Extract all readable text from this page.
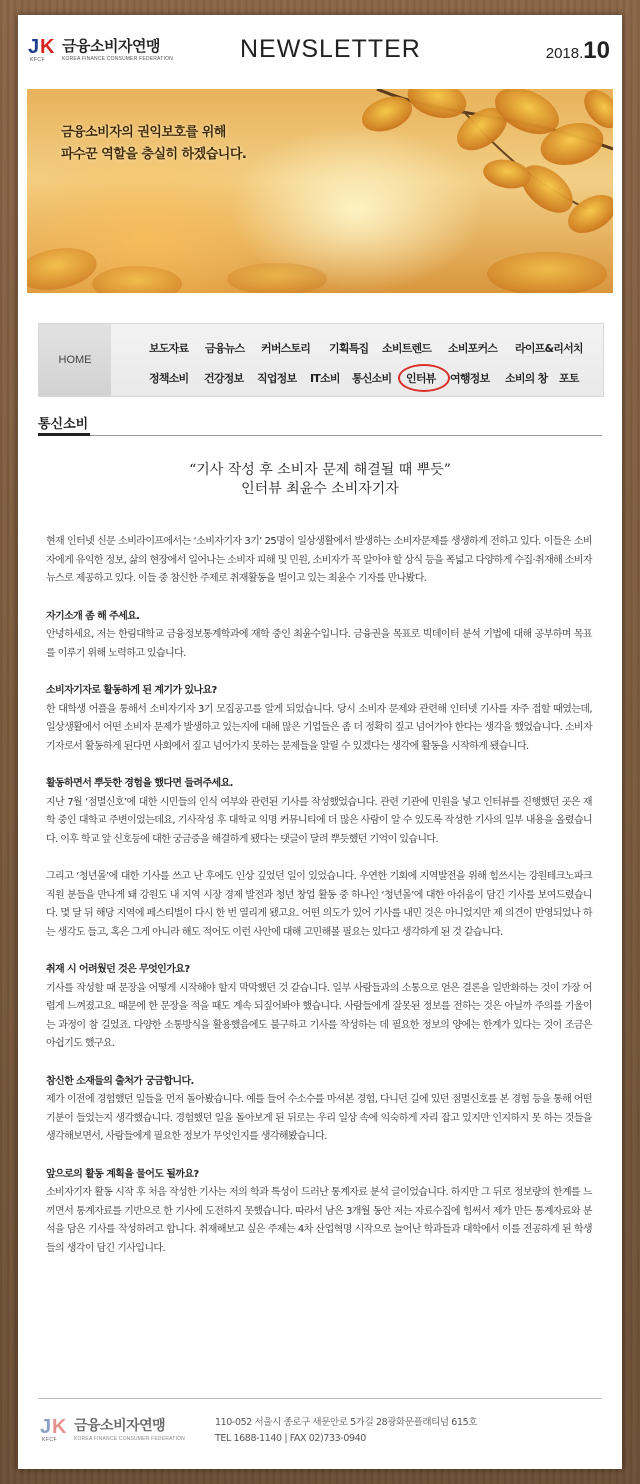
J K
KFCF
금융소비자연맹
KOREA FINANCE CONSUMER FEDERATION	NEWSLETTER	2018.10
금융소비자의 권익보호를 위해
파수꾼 역할을 충실히 하겠습니다.
HOME
보도자료 금융뉴스 커버스토리 기획특집 소비트렌드 소비포커스 라이프&리서치
정책소비 건강정보 직업정보 IT소비 통신소비 인터뷰 여행정보 소비의 창 포토
통신소비
“기사 작성 후 소비자 문제 해결될 때 뿌듯”
인터뷰 최윤수 소비자기자

현재 인터넷 신문 소비라이프에서는 ‘소비자기자 3기’ 25명이 일상생활에서 발생하는 소비자문제를 생생하게 전하고 있다. 이들은 소비자에게 유익한 정보, 삶의 현장에서 일어나는 소비자 피해 및 민원, 소비자가 꼭 알아야 할 상식 등을 폭넓고 다양하게 수집·취재해 소비자뉴스로 제공하고 있다. 이들 중 참신한 주제로 취재활동을 벌이고 있는 최윤수 기자를 만나봤다.

자기소개 좀 해 주세요.

안녕하세요, 저는 한림대학교 금융정보통계학과에 재학 중인 최윤수입니다. 금융권을 목표로 빅데이터 분석 기법에 대해 공부하며 목표를 이루기 위해 노력하고 있습니다.

소비자기자로 활동하게 된 계기가 있나요?

한 대학생 어플을 통해서 소비자기자 3기 모집공고를 알게 되었습니다. 당시 소비자 문제와 관련해 인터넷 기사를 자주 접할 때였는데, 일상생활에서 어떤 소비자 문제가 발생하고 있는지에 대해 많은 기업들은 좀 더 정확히 짚고 넘어가야 한다는 생각을 했었습니다. 소비자기자로서 활동하게 된다면 사회에서 짚고 넘어가지 못하는 문제들을 알릴 수 있겠다는 생각에 활동을 시작하게 됐습니다.

활동하면서 뿌듯한 경험을 했다면 들려주세요.

지난 7월 ‘점멸신호’에 대한 시민들의 인식 여부와 관련된 기사를 작성했었습니다. 관련 기관에 민원을 넣고 인터뷰를 진행했던 곳은 재학 중인 대학교 주변이었는데요, 기사작성 후 대학교 익명 커뮤니티에 더 많은 사람이 알 수 있도록 작성한 기사의 일부 내용을 올렸습니다. 이후 학교 앞 신호등에 대한 궁금증을 해결하게 됐다는 댓글이 달려 뿌듯했던 기억이 있습니다.

그리고 ‘청년몰’에 대한 기사를 쓰고 난 후에도 인상 깊었던 일이 있었습니다. 우연한 기회에 지역발전을 위해 힘쓰시는 강원테크노파크 직원 분들을 만나게 돼 강원도 내 지역 시장 경제 발전과 청년 창업 활동 중 하나인 ‘청년몰’에 대한 아쉬움이 담긴 기사를 보여드렸습니다. 몇 달 뒤 해당 지역에 페스티벌이 다시 한 번 열리게 됐고요. 어떤 의도가 있어 기사를 내민 것은 아니었지만 제 의견이 반영되었나 하는 생각도 들고, 혹은 그게 아니라 해도 적어도 이런 사안에 대해 고민해볼 필요는 있다고 생각하게 된 것 같습니다.

취재 시 어려웠던 것은 무엇인가요?

기사를 작성할 때 문장을 어떻게 시작해야 할지 막막했던 것 같습니다. 일부 사람들과의 소통으로 얻은 결론을 일반화하는 것이 가장 어렵게 느껴졌고요. 때문에 한 문장을 적을 때도 계속 되짚어봐야 했습니다. 사람들에게 잘못된 정보를 전하는 것은 아닐까 주의를 기울이는 과정이 참 길었죠. 다양한 소통방식을 활용했음에도 불구하고 기사를 작성하는 데 필요한 정보의 양에는 한계가 있다는 것이 조금은 아쉽기도 했구요.

참신한 소재들의 출처가 궁금합니다.

제가 이전에 경험했던 일들을 먼저 돌아봤습니다. 예를 들어 수소수를 마셔본 경험, 다니던 길에 있던 점멸신호를 본 경험 등을 통해 어떤 기분이 들었는지 생각했습니다. 경험했던 일을 돌아보게 된 뒤로는 우리 일상 속에 익숙하게 자리 잡고 있지만 인지하지 못 하는 것들을 생각해보면서, 사람들에게 필요한 정보가 무엇인지를 생각해봤습니다.

앞으로의 활동 계획을 물어도 될까요?

소비자기자 활동 시작 후 처음 작성한 기사는 저의 학과 특성이 드러난 통계자료 분석 글이었습니다. 하지만 그 뒤로 정보량의 한계를 느끼면서 통계자료를 기반으로 한 기사에 도전하지 못했습니다. 따라서 남은 3개월 동안 저는 자료수집에 힘써서 제가 만든 통계자료와 분석을 담은 기사를 작성하려고 합니다. 취재해보고 싶은 주제는 4차 산업혁명 시작으로 늘어난 학과들과 대학에서 이를 전공하게 된 학생들의 생각이 담긴 기사입니다.

J K
KFCF
금융소비자연맹
KOREA FINANCE CONSUMER FEDERATION
110-052 서울시 종로구 새문안로 5가길 28광화문플래티넘 615호
TEL 1688-1140 | FAX 02)733-0940
